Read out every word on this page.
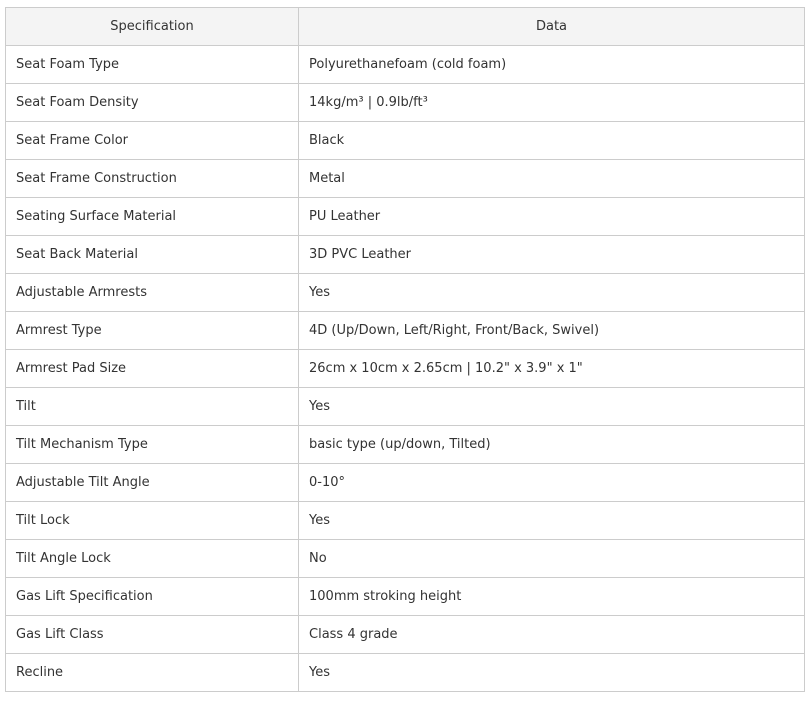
Specification	Data
Seat Foam Type	Polyurethanefoam (cold foam)
Seat Foam Density	14kg/m³ | 0.9lb/ft³
Seat Frame Color	Black
Seat Frame Construction	Metal
Seating Surface Material	PU Leather
Seat Back Material	3D PVC Leather
Adjustable Armrests	Yes
Armrest Type	4D (Up/Down, Left/Right, Front/Back, Swivel)
Armrest Pad Size	26cm x 10cm x 2.65cm | 10.2" x 3.9" x 1"
Tilt	Yes
Tilt Mechanism Type	basic type (up/down, Tilted)
Adjustable Tilt Angle	0-10°
Tilt Lock	Yes
Tilt Angle Lock	No
Gas Lift Specification	100mm stroking height
Gas Lift Class	Class 4 grade
Recline	Yes
